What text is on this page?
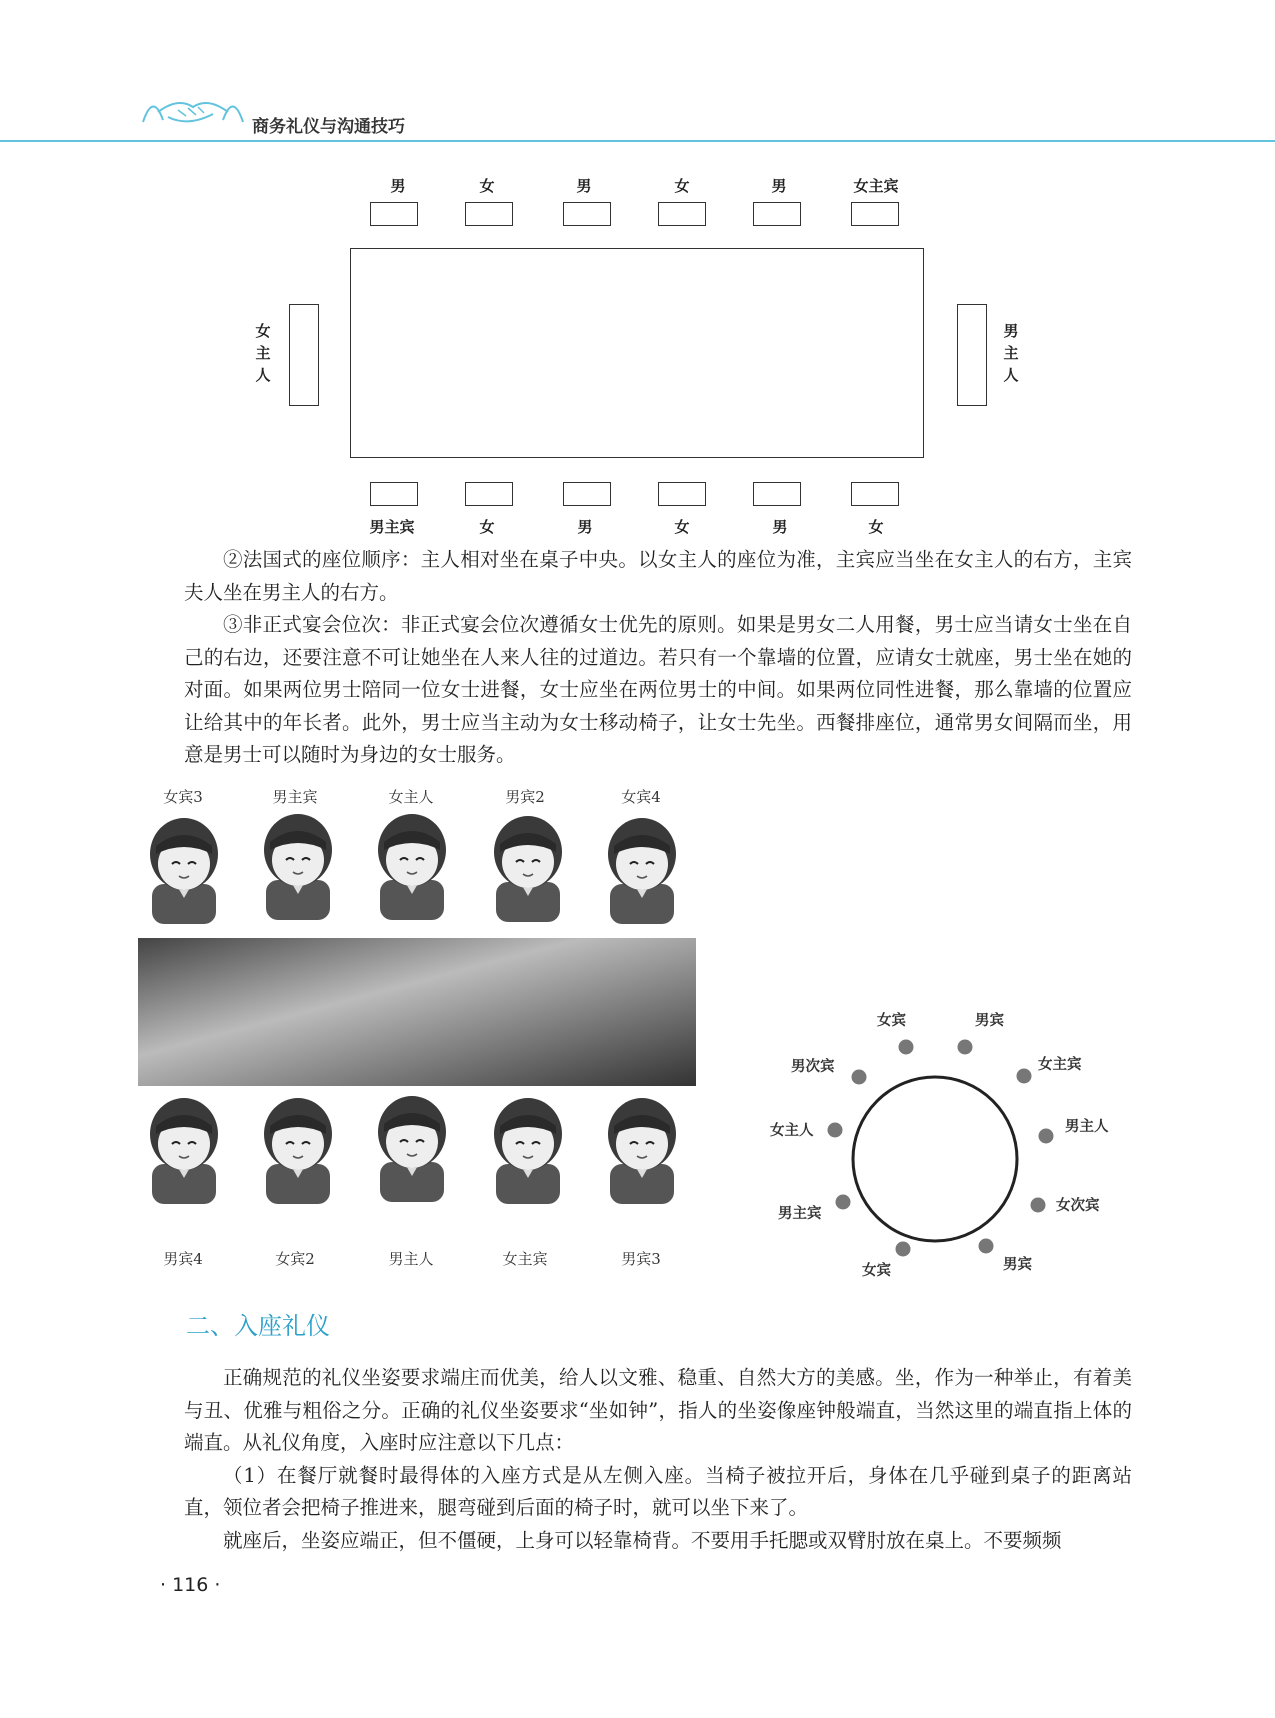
商务礼仪与沟通技巧
男	女	男	女	男	女主宾
女主人
男主人
男主宾	女	男	女	男	女

②法国式的座位顺序：主人相对坐在桌子中央。以女主人的座位为准，主宾应当坐在女主人的右方，主宾夫人坐在男主人的右方。

③非正式宴会位次：非正式宴会位次遵循女士优先的原则。如果是男女二人用餐，男士应当请女士坐在自己的右边，还要注意不可让她坐在人来人往的过道边。若只有一个靠墙的位置，应请女士就座，男士坐在她的对面。如果两位男士陪同一位女士进餐，女士应坐在两位男士的中间。如果两位同性进餐，那么靠墙的位置应让给其中的年长者。此外，男士应当主动为女士移动椅子，让女士先坐。西餐排座位，通常男女间隔而坐，用意是男士可以随时为身边的女士服务。

女宾3	男主宾	女主人	男宾2	女宾4
男宾4	女宾2	男主人	女主宾	男宾3
女宾	男宾
女主宾
男主人
女次宾
男宾
女宾
男主宾
女主人
男次宾
二、入座礼仪

正确规范的礼仪坐姿要求端庄而优美，给人以文雅、稳重、自然大方的美感。坐，作为一种举止，有着美与丑、优雅与粗俗之分。正确的礼仪坐姿要求“坐如钟”，指人的坐姿像座钟般端直，当然这里的端直指上体的端直。从礼仪角度，入座时应注意以下几点：

（1）在餐厅就餐时最得体的入座方式是从左侧入座。当椅子被拉开后，身体在几乎碰到桌子的距离站直，领位者会把椅子推进来，腿弯碰到后面的椅子时，就可以坐下来了。

就座后，坐姿应端正，但不僵硬，上身可以轻靠椅背。不要用手托腮或双臂肘放在桌上。不要频频

· 116 ·
